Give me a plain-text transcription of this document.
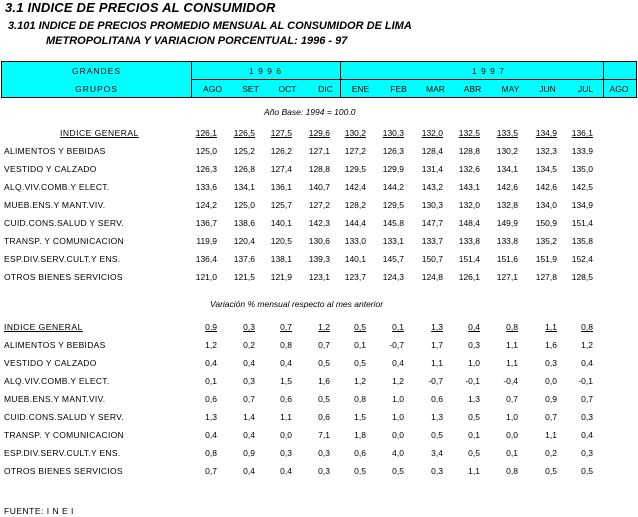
3.1 INDICE DE PRECIOS AL CONSUMIDOR
3.101 INDICE DE PRECIOS PROMEDIO MENSUAL AL CONSUMIDOR DE LIMA
METROPOLITANA Y VARIACION PORCENTUAL: 1996 - 97
GRANDES
GRUPOS
1 9 9 6	1 9 9 7
AGO	SET	OCT	DIC	ENE	FEB	MAR	ABR	MAY	JUN	JUL	AGO
Año Base: 1994 = 100.0
INDICE GENERAL	126,1	126,5	127,5	129,6	130,2	130,3	132,0	132,5	133,5	134,9	136,1
ALIMENTOS Y BEBIDAS	125,0	125,2	126,2	127,1	127,2	126,3	128,4	128,8	130,2	132,3	133,9
VESTIDO Y CALZADO	126,3	126,8	127,4	128,8	129,5	129,9	131,4	132,6	134,1	134,5	135,0
ALQ.VIV.COMB.Y ELECT.	133,6	134,1	136,1	140,7	142,4	144,2	143,2	143,1	142,6	142,6	142,5
MUEB.ENS.Y MANT.VIV.	124,2	125,0	125,7	127,2	128,2	129,5	130,3	132,0	132,8	134,0	134,9
CUID.CONS.SALUD Y SERV.	136,7	138,6	140,1	142,3	144,4	145,8	147,7	148,4	149,9	150,9	151,4
TRANSP. Y COMUNICACION	119,9	120,4	120,5	130,6	133,0	133,1	133,7	133,8	133,8	135,2	135,8
ESP.DIV.SERV.CULT.Y ENS.	136,4	137,6	138,1	139,3	140,1	145,7	150,7	151,4	151,6	151,9	152,4
OTROS BIENES SERVICIOS	121,0	121,5	121,9	123,1	123,7	124,3	124,8	126,1	127,1	127,8	128,5
Variación % mensual respecto al mes anterior
INDICE GENERAL	0,9	0,3	0,7	1,2	0,5	0,1	1,3	0,4	0,8	1,1	0,8
ALIMENTOS Y BEBIDAS	1,2	0,2	0,8	0,7	0,1	-0,7	1,7	0,3	1,1	1,6	1,2
VESTIDO Y CALZADO	0,4	0,4	0,4	0,5	0,5	0,4	1,1	1,0	1,1	0,3	0,4
ALQ.VIV.COMB.Y ELECT.	0,1	0,3	1,5	1,6	1,2	1,2	-0,7	-0,1	-0,4	0,0	-0,1
MUEB.ENS.Y MANT.VIV.	0,6	0,7	0,6	0,5	0,8	1,0	0,6	1,3	0,7	0,9	0,7
CUID.CONS.SALUD Y SERV.	1,3	1,4	1,1	0,6	1,5	1,0	1,3	0,5	1,0	0,7	0,3
TRANSP. Y COMUNICACION	0,4	0,4	0,0	7,1	1,8	0,0	0,5	0,1	0,0	1,1	0,4
ESP.DIV.SERV.CULT.Y ENS.	0,8	0,9	0,3	0,3	0,6	4,0	3,4	0,5	0,1	0,2	0,3
OTROS BIENES SERVICIOS	0,7	0,4	0,4	0,3	0,5	0,5	0,3	1,1	0,8	0,5	0,5
FUENTE: I N E I
